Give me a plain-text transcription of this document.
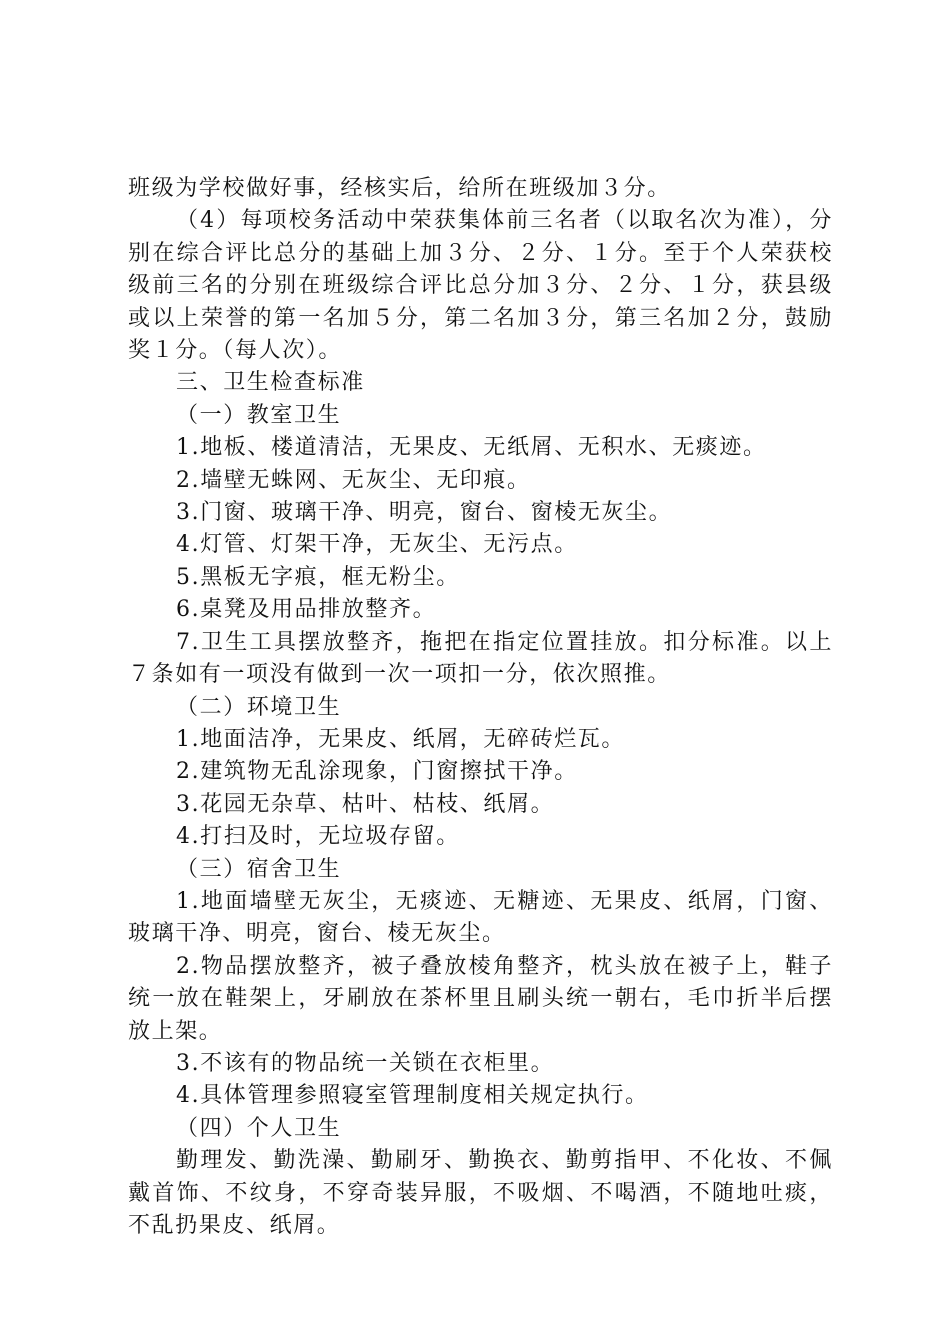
班级为学校做好事，经核实后，给所在班级加３分。

（4）每项校务活动中荣获集体前三名者（以取名次为准），分别在综合评比总分的基础上加３分、２分、１分。至于个人荣获校级前三名的分别在班级综合评比总分加３分、２分、１分，获县级或以上荣誉的第一名加５分，第二名加３分，第三名加２分，鼓励奖１分。（每人次）。

三、卫生检查标准

（一）教室卫生

1.地板、楼道清洁，无果皮、无纸屑、无积水、无痰迹。

2.墙壁无蛛网、无灰尘、无印痕。

3.门窗、玻璃干净、明亮，窗台、窗棱无灰尘。

4.灯管、灯架干净，无灰尘、无污点。

5.黑板无字痕，框无粉尘。

6.桌凳及用品排放整齐。

7.卫生工具摆放整齐，拖把在指定位置挂放。扣分标准。以上７条如有一项没有做到一次一项扣一分，依次照推。

（二）环境卫生

1.地面洁净，无果皮、纸屑，无碎砖烂瓦。

2.建筑物无乱涂现象，门窗擦拭干净。

3.花园无杂草、枯叶、枯枝、纸屑。

4.打扫及时，无垃圾存留。

（三）宿舍卫生

1.地面墙壁无灰尘，无痰迹、无糖迹、无果皮、纸屑，门窗、玻璃干净、明亮，窗台、棱无灰尘。

2.物品摆放整齐，被子叠放棱角整齐，枕头放在被子上，鞋子统一放在鞋架上，牙刷放在茶杯里且刷头统一朝右，毛巾折半后摆放上架。

3.不该有的物品统一关锁在衣柜里。

4.具体管理参照寝室管理制度相关规定执行。

（四）个人卫生

勤理发、勤洗澡、勤刷牙、勤换衣、勤剪指甲、不化妆、不佩戴首饰、不纹身，不穿奇装异服，不吸烟、不喝酒，不随地吐痰，不乱扔果皮、纸屑。
